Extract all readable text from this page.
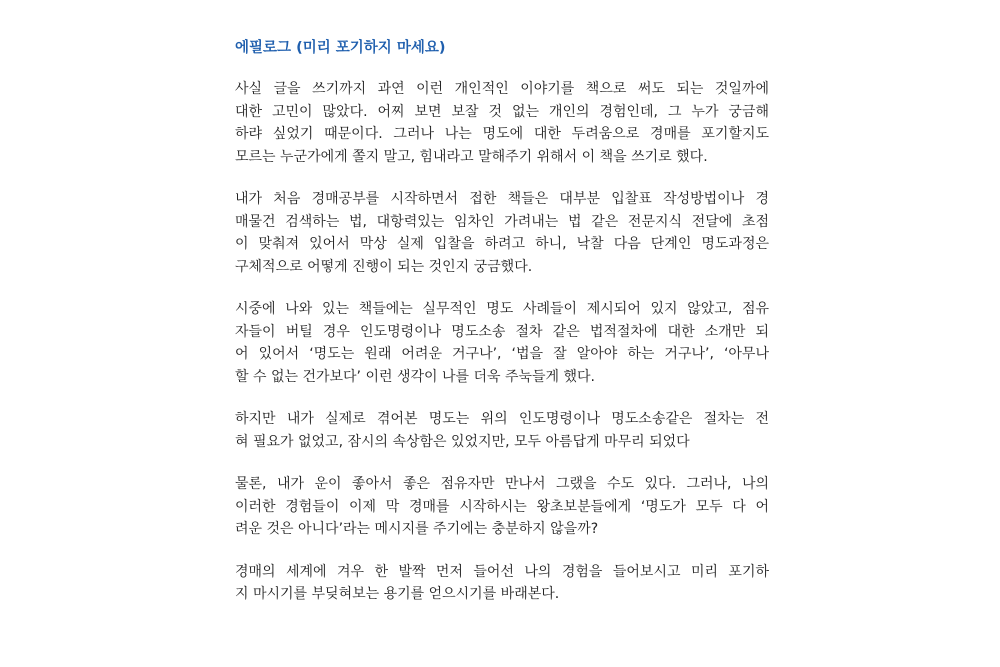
에필로그 (미리 포기하지 마세요)
사실 글을 쓰기까지 과연 이런 개인적인 이야기를 책으로 써도 되는 것일까에
대한 고민이 많았다. 어찌 보면 보잘 것 없는 개인의 경험인데, 그 누가 궁금해
하랴 싶었기 때문이다. 그러나 나는 명도에 대한 두려움으로 경매를 포기할지도
모르는 누군가에게 쫄지 말고, 힘내라고 말해주기 위해서 이 책을 쓰기로 했다.
내가 처음 경매공부를 시작하면서 접한 책들은 대부분 입찰표 작성방법이나 경
매물건 검색하는 법, 대항력있는 임차인 가려내는 법 같은 전문지식 전달에 초점
이 맞춰져 있어서 막상 실제 입찰을 하려고 하니, 낙찰 다음 단계인 명도과정은
구체적으로 어떻게 진행이 되는 것인지 궁금했다.
시중에 나와 있는 책들에는 실무적인 명도 사례들이 제시되어 있지 않았고, 점유
자들이 버틸 경우 인도명령이나 명도소송 절차 같은 법적절차에 대한 소개만 되
어 있어서 ‘명도는 원래 어려운 거구나’, ‘법을 잘 알아야 하는 거구나’, ‘아무나
할 수 없는 건가보다’ 이런 생각이 나를 더욱 주눅들게 했다.
하지만 내가 실제로 겪어본 명도는 위의 인도명령이나 명도소송같은 절차는 전
혀 필요가 없었고, 잠시의 속상함은 있었지만, 모두 아름답게 마무리 되었다
물론, 내가 운이 좋아서 좋은 점유자만 만나서 그랬을 수도 있다. 그러나, 나의
이러한 경험들이 이제 막 경매를 시작하시는 왕초보분들에게 ‘명도가 모두 다 어
려운 것은 아니다’라는 메시지를 주기에는 충분하지 않을까?
경매의 세계에 겨우 한 발짝 먼저 들어선 나의 경험을 들어보시고 미리 포기하
지 마시기를 부딪혀보는 용기를 얻으시기를 바래본다.
